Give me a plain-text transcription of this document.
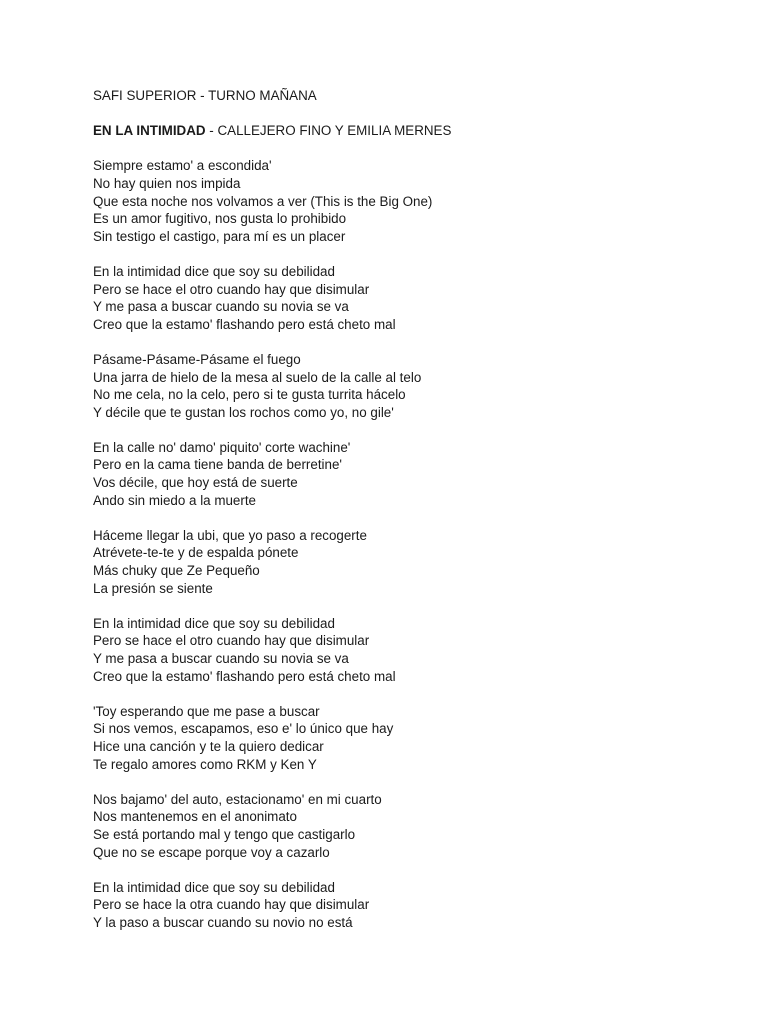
SAFI SUPERIOR - TURNO MAÑANA
EN LA INTIMIDAD - CALLEJERO FINO Y EMILIA MERNES
Siempre estamo' a escondida'
No hay quien nos impida
Que esta noche nos volvamos a ver (This is the Big One)
Es un amor fugitivo, nos gusta lo prohibido
Sin testigo el castigo, para mí es un placer
En la intimidad dice que soy su debilidad
Pero se hace el otro cuando hay que disimular
Y me pasa a buscar cuando su novia se va
Creo que la estamo' flashando pero está cheto mal
Pásame-Pásame-Pásame el fuego
Una jarra de hielo de la mesa al suelo de la calle al telo
No me cela, no la celo, pero si te gusta turrita hácelo
Y décile que te gustan los rochos como yo, no gile'
En la calle no' damo' piquito' corte wachine'
Pero en la cama tiene banda de berretine'
Vos décile, que hoy está de suerte
Ando sin miedo a la muerte
Háceme llegar la ubi, que yo paso a recogerte
Atrévete-te-te y de espalda pónete
Más chuky que Ze Pequeño
La presión se siente
En la intimidad dice que soy su debilidad
Pero se hace el otro cuando hay que disimular
Y me pasa a buscar cuando su novia se va
Creo que la estamo' flashando pero está cheto mal
'Toy esperando que me pase a buscar
Si nos vemos, escapamos, eso e' lo único que hay
Hice una canción y te la quiero dedicar
Te regalo amores como RKM y Ken Y
Nos bajamo' del auto, estacionamo' en mi cuarto
Nos mantenemos en el anonimato
Se está portando mal y tengo que castigarlo
Que no se escape porque voy a cazarlo
En la intimidad dice que soy su debilidad
Pero se hace la otra cuando hay que disimular
Y la paso a buscar cuando su novio no está
